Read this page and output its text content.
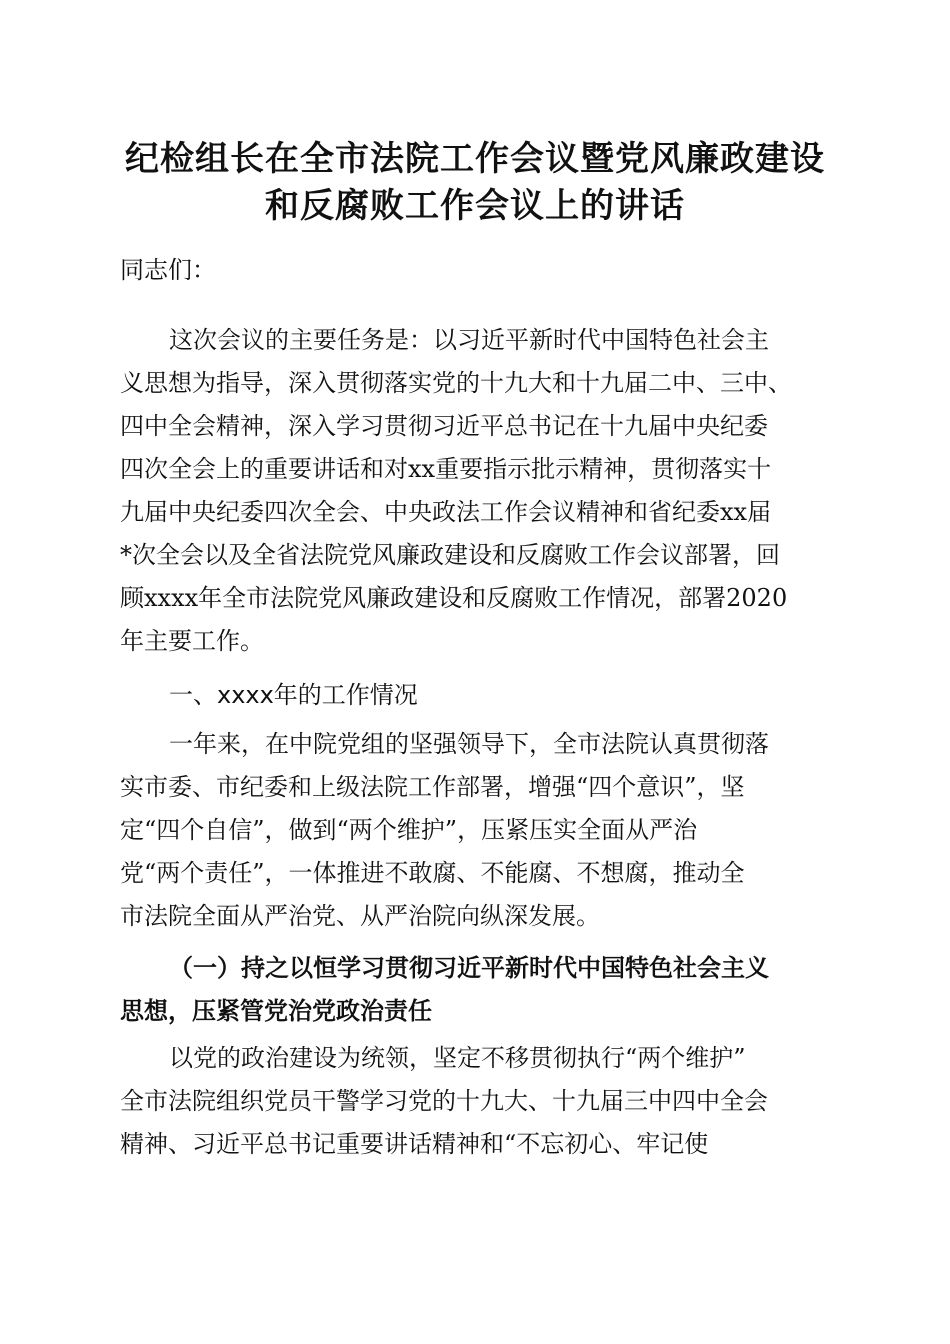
纪检组长在全市法院工作会议暨党风廉政建设
和反腐败工作会议上的讲话
同志们：
这次会议的主要任务是：以习近平新时代中国特色社会主
义思想为指导，深入贯彻落实党的十九大和十九届二中、三中、
四中全会精神，深入学习贯彻习近平总书记在十九届中央纪委
四次全会上的重要讲话和对xx重要指示批示精神，贯彻落实十
九届中央纪委四次全会、中央政法工作会议精神和省纪委xx届
*次全会以及全省法院党风廉政建设和反腐败工作会议部署，回
顾xxxx年全市法院党风廉政建设和反腐败工作情况，部署2020
年主要工作。
一、xxxx年的工作情况
一年来，在中院党组的坚强领导下，全市法院认真贯彻落
实市委、市纪委和上级法院工作部署，增强“四个意识”，坚
定“四个自信”，做到“两个维护”，压紧压实全面从严治
党“两个责任”，一体推进不敢腐、不能腐、不想腐，推动全
市法院全面从严治党、从严治院向纵深发展。
（一）持之以恒学习贯彻习近平新时代中国特色社会主义
思想，压紧管党治党政治责任
以党的政治建设为统领，坚定不移贯彻执行“两个维护”
全市法院组织党员干警学习党的十九大、十九届三中四中全会
精神、习近平总书记重要讲话精神和“不忘初心、牢记使
